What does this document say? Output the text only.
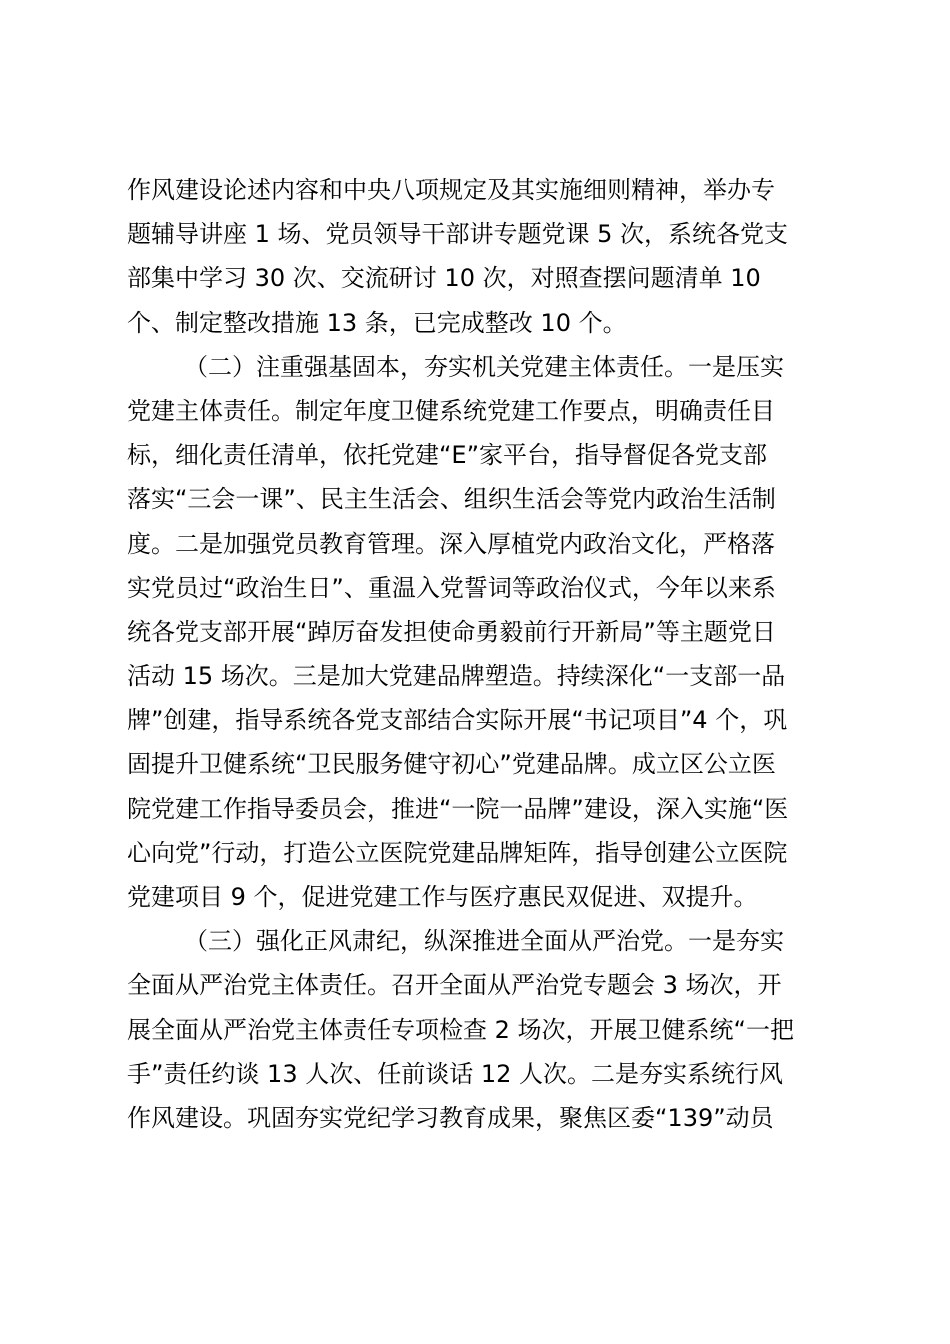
作风建设论述内容和中央八项规定及其实施细则精神，举办专
题辅导讲座 1 场、党员领导干部讲专题党课 5 次，系统各党支
部集中学习 30 次、交流研讨 10 次，对照查摆问题清单 10
个、制定整改措施 13 条，已完成整改 10 个。
（二）注重强基固本，夯实机关党建主体责任。一是压实
党建主体责任。制定年度卫健系统党建工作要点，明确责任目
标，细化责任清单，依托党建“E”家平台，指导督促各党支部
落实“三会一课”、民主生活会、组织生活会等党内政治生活制
度。二是加强党员教育管理。深入厚植党内政治文化，严格落
实党员过“政治生日”、重温入党誓词等政治仪式，今年以来系
统各党支部开展“踔厉奋发担使命勇毅前行开新局”等主题党日
活动 15 场次。三是加大党建品牌塑造。持续深化“一支部一品
牌”创建，指导系统各党支部结合实际开展“书记项目”4 个，巩
固提升卫健系统“卫民服务健守初心”党建品牌。成立区公立医
院党建工作指导委员会，推进“一院一品牌”建设，深入实施“医
心向党”行动，打造公立医院党建品牌矩阵，指导创建公立医院
党建项目 9 个，促进党建工作与医疗惠民双促进、双提升。
（三）强化正风肃纪，纵深推进全面从严治党。一是夯实
全面从严治党主体责任。召开全面从严治党专题会 3 场次，开
展全面从严治党主体责任专项检查 2 场次，开展卫健系统“一把
手”责任约谈 13 人次、任前谈话 12 人次。二是夯实系统行风
作风建设。巩固夯实党纪学习教育成果，聚焦区委“139”动员
